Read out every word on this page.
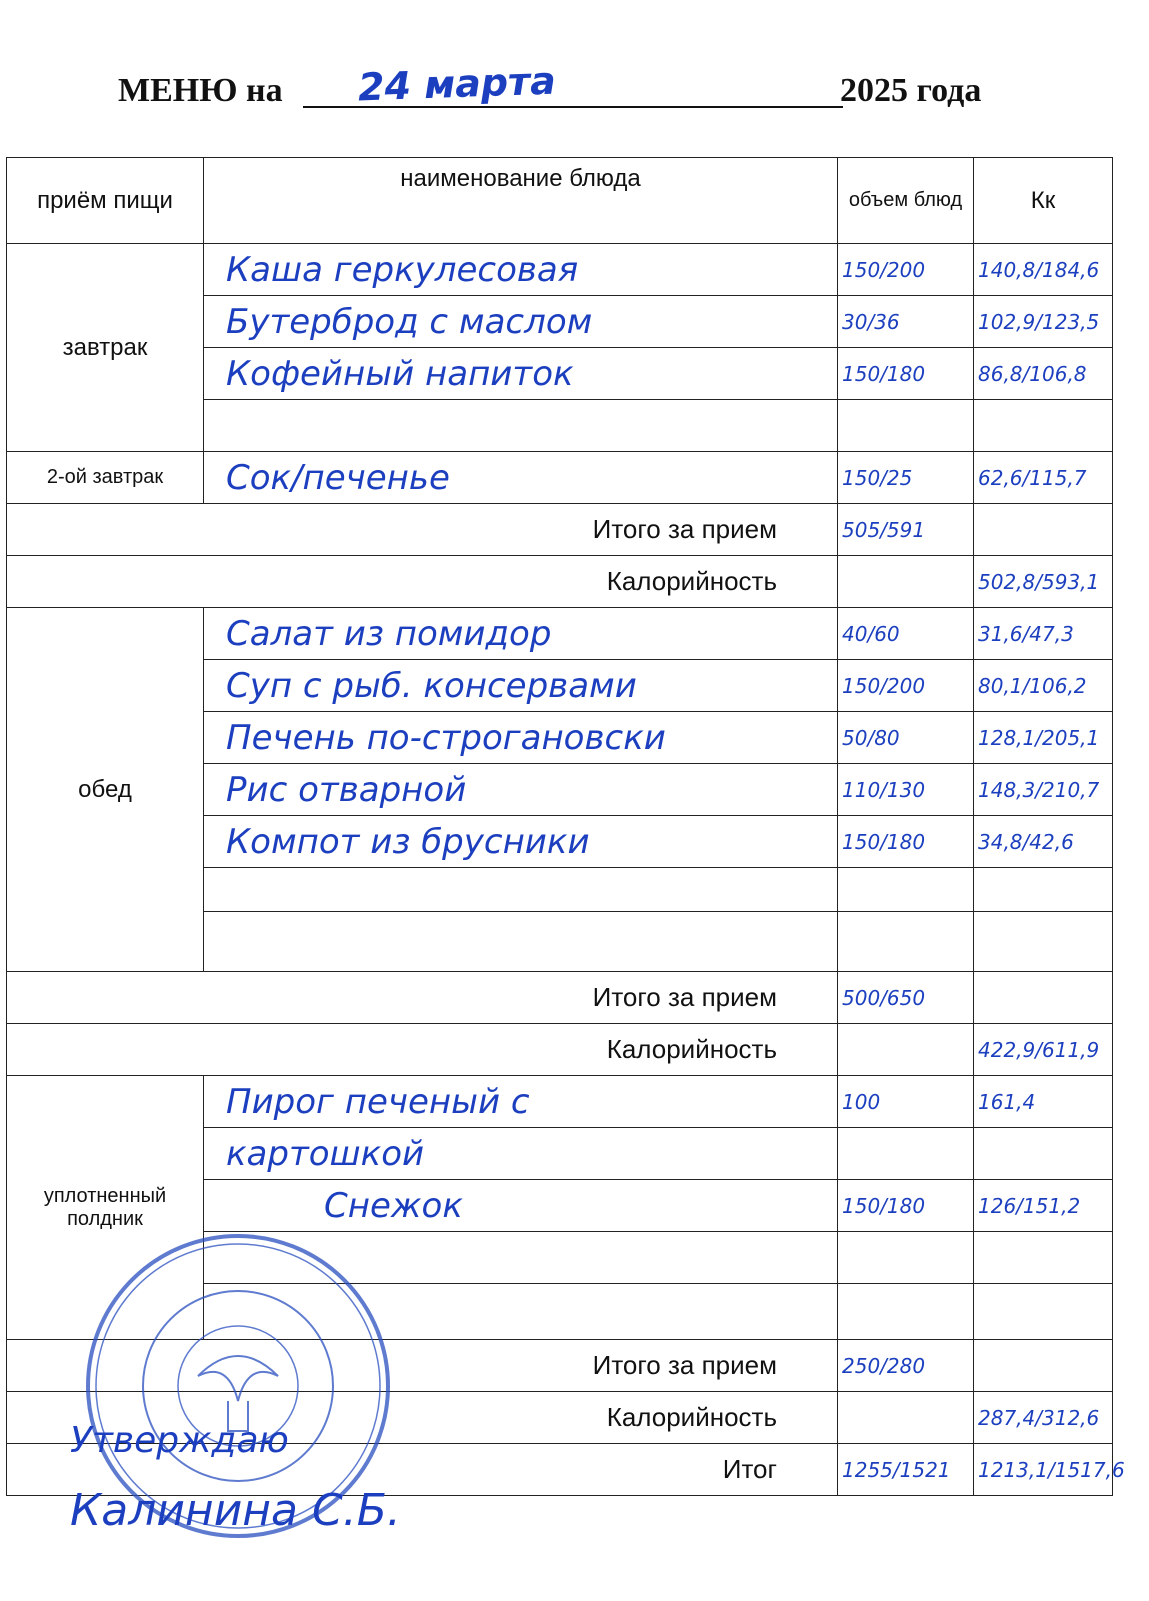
МЕНЮ на 24 марта	2025 года
приём пищи	наименование блюда	объем блюд	Кк
завтрак	Каша геркулесовая	150/200	140,8/184,6
	Бутерброд с маслом	30/36	102,9/123,5
	Кофейный напиток	150/180	86,8/106,8

2-ой завтрак	Сок/печенье	150/25	62,6/115,7
Итого за прием		505/591	
Калорийность			502,8/593,1
обед	Салат из помидор	40/60	31,6/47,3
	Суп с рыб. консервами	150/200	80,1/106,2
	Печень по-строгановски	50/80	128,1/205,1
	Рис отварной	110/130	148,3/210,7
	Компот из брусники	150/180	34,8/42,6

Итого за прием		500/650	
Калорийность			422,9/611,9
уплотненный полдник	Пирог печеный с	100	161,4
	картошкой		
	Снежок	150/180	126/151,2

Итого за прием		250/280	
Калорийность			287,4/312,6
Итог		1255/1521	1213,1/1517,6
Утверждаю
Калинина С.Б.
